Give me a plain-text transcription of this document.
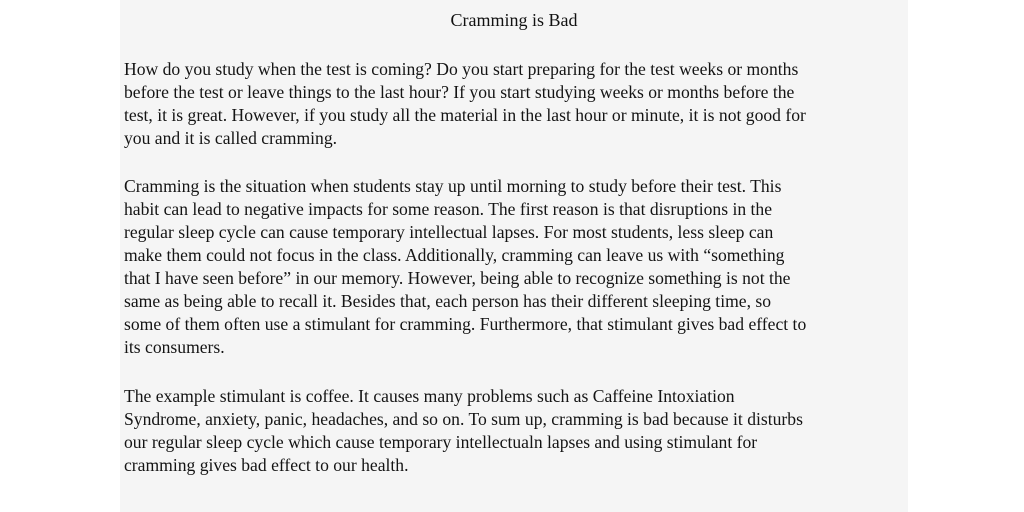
Cramming is Bad

How do you study when the test is coming? Do you start preparing for the test weeks or months
before the test or leave things to the last hour? If you start studying weeks or months before the
test, it is great. However, if you study all the material in the last hour or minute, it is not good for
you and it is called cramming.

Cramming is the situation when students stay up until morning to study before their test. This
habit can lead to negative impacts for some reason. The first reason is that disruptions in the
regular sleep cycle can cause temporary intellectual lapses. For most students, less sleep can
make them could not focus in the class. Additionally, cramming can leave us with “something
that I have seen before” in our memory. However, being able to recognize something is not the
same as being able to recall it. Besides that, each person has their different sleeping time, so
some of them often use a stimulant for cramming. Furthermore, that stimulant gives bad effect to
its consumers.

The example stimulant is coffee. It causes many problems such as Caffeine Intoxiation
Syndrome, anxiety, panic, headaches, and so on. To sum up, cramming is bad because it disturbs
our regular sleep cycle which cause temporary intellectualn lapses and using stimulant for
cramming gives bad effect to our health.
